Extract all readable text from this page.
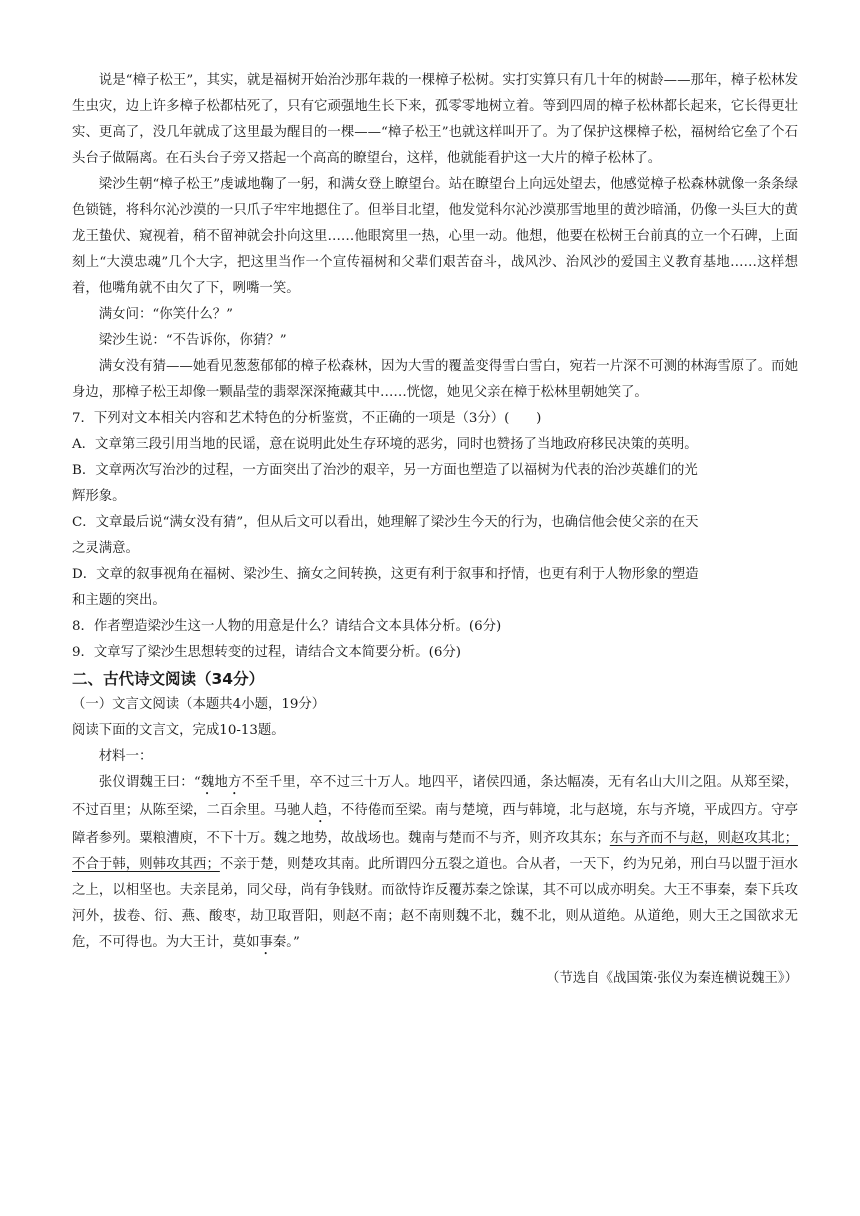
说是“樟子松王”，其实，就是福树开始治沙那年栽的一棵樟子松树。实打实算只有几十年的树龄——那年，樟子松林发生虫灾，边上许多樟子松都枯死了，只有它顽强地生长下来，孤零零地树立着。等到四周的樟子松林都长起来，它长得更壮实、更高了，没几年就成了这里最为醒目的一棵——“樟子松王”也就这样叫开了。为了保护这棵樟子松，福树给它垒了个石头台子做隔离。在石头台子旁又搭起一个高高的瞭望台，这样，他就能看护这一大片的樟子松林了。

梁沙生朝“樟子松王”虔诚地鞠了一躬，和满女登上瞭望台。站在瞭望台上向远处望去，他感觉樟子松森林就像一条条绿色锁链，将科尔沁沙漠的一只爪子牢牢地摁住了。但举目北望，他发觉科尔沁沙漠那雪地里的黄沙暗涌，仍像一头巨大的黄龙王蛰伏、窥视着，稍不留神就会扑向这里……他眼窝里一热，心里一动。他想，他要在松树王台前真的立一个石碑，上面刻上“大漠忠魂”几个大字，把这里当作一个宣传福树和父辈们艰苦奋斗，战风沙、治风沙的爱国主义教育基地……这样想着，他嘴角就不由欠了下，咧嘴一笑。

满女问：“你笑什么？”

梁沙生说：“不告诉你，你猜？”

满女没有猜——她看见葱葱郁郁的樟子松森林，因为大雪的覆盖变得雪白雪白，宛若一片深不可测的林海雪原了。而她身边，那樟子松王却像一颗晶莹的翡翠深深掩藏其中……恍惚，她见父亲在樟于松林里朝她笑了。

7．下列对文本相关内容和艺术特色的分析鉴赏，不正确的一项是（3分）(　　)

A．文章第三段引用当地的民谣，意在说明此处生存环境的恶劣，同时也赞扬了当地政府移民决策的英明。

B．文章两次写治沙的过程，一方面突出了治沙的艰辛，另一方面也塑造了以福树为代表的治沙英雄们的光辉形象。

C．文章最后说“满女没有猜”，但从后文可以看出，她理解了梁沙生今天的行为，也确信他会使父亲的在天之灵满意。

D．文章的叙事视角在福树、梁沙生、摘女之间转换，这更有利于叙事和抒情，也更有利于人物形象的塑造和主题的突出。

8．作者塑造梁沙生这一人物的用意是什么？请结合文本具体分析。(6分)

9．文章写了梁沙生思想转变的过程，请结合文本简要分析。(6分)

二、古代诗文阅读（34分）

（一）文言文阅读（本题共4小题，19分）

阅读下面的文言文，完成10-13题。

材料一：

张仪谓魏王曰：“魏地方不至千里，卒不过三十万人。地四平，诸侯四通，条达幅凑，无有名山大川之阻。从郑至梁，不过百里；从陈至梁，二百余里。马驰人趋，不待倦而至梁。南与楚境，西与韩境，北与赵境，东与齐境，平成四方。守亭障者参列。粟粮漕庾，不下十万。魏之地势，故战场也。魏南与楚而不与齐，则齐攻其东；东与齐而不与赵，则赵攻其北；不合于韩，则韩攻其西；不亲于楚，则楚攻其南。此所谓四分五裂之道也。合从者，一天下，约为兄弟，刑白马以盟于洹水之上，以相坚也。夫亲昆弟，同父母，尚有争钱财。而欲恃诈反覆苏秦之馀谋，其不可以成亦明矣。大王不事秦，秦下兵攻河外，拔卷、衍、燕、酸枣，劫卫取晋阳，则赵不南；赵不南则魏不北，魏不北，则从道绝。从道绝，则大王之国欲求无危，不可得也。为大王计，莫如事秦。”

（节选自《战国策·张仪为秦连横说魏王》）
